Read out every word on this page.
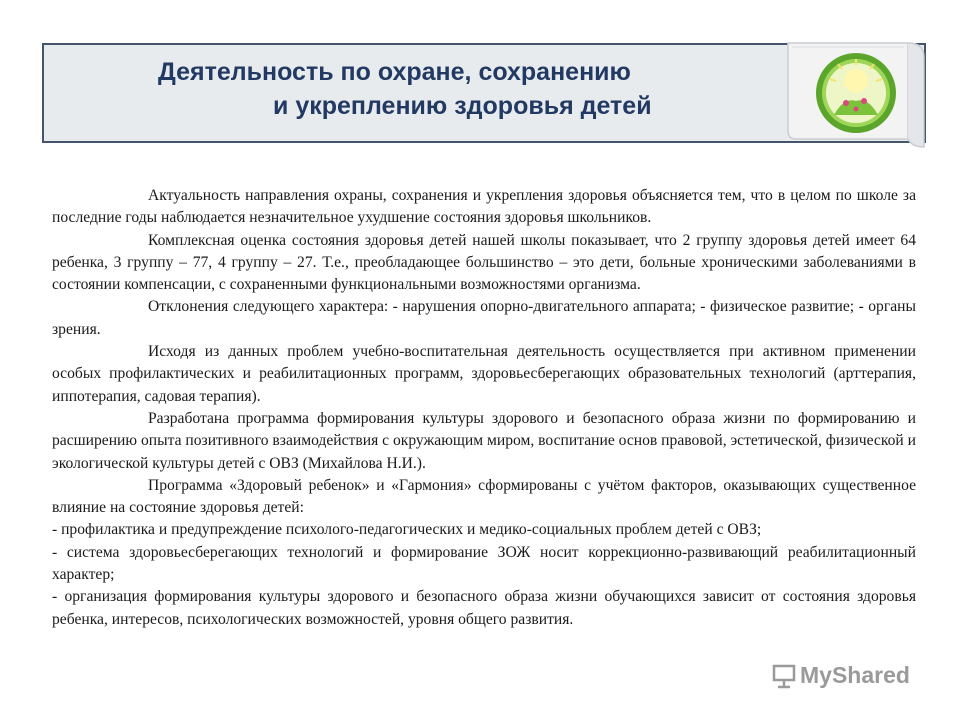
Деятельность по охране, сохранению
и укреплению здоровья детей

Актуальность направления охраны, сохранения и укрепления здоровья объясняется тем, что в целом по школе за последние годы наблюдается незначительное ухудшение состояния здоровья школьников.

Комплексная оценка состояния здоровья детей нашей школы показывает, что 2 группу здоровья детей имеет 64 ребенка, 3 группу – 77, 4 группу – 27. Т.е., преобладающее большинство – это дети, больные хроническими заболеваниями в состоянии компенсации, с сохраненными функциональными возможностями организма.

Отклонения следующего характера: - нарушения опорно-двигательного аппарата; - физическое развитие; - органы зрения.

Исходя из данных проблем учебно-воспитательная деятельность осуществляется при активном применении особых профилактических и реабилитационных программ, здоровьесберегающих образовательных технологий (арттерапия, иппотерапия, садовая терапия).

Разработана программа формирования культуры здорового и безопасного образа жизни по формированию и расширению опыта позитивного взаимодействия с окружающим миром, воспитание основ правовой, эстетической, физической и экологической культуры детей с ОВЗ (Михайлова Н.И.).

Программа «Здоровый ребенок» и «Гармония» сформированы с учётом факторов, оказывающих существенное влияние на состояние здоровья детей:

- профилактика и предупреждение психолого-педагогических и медико-социальных проблем детей с ОВЗ;

- система здоровьесберегающих технологий и формирование ЗОЖ носит коррекционно-развивающий реабилитационный характер;

- организация формирования культуры здорового и безопасного образа жизни обучающихся зависит от состояния здоровья ребенка, интересов, психологических возможностей, уровня общего развития.

MyShared
